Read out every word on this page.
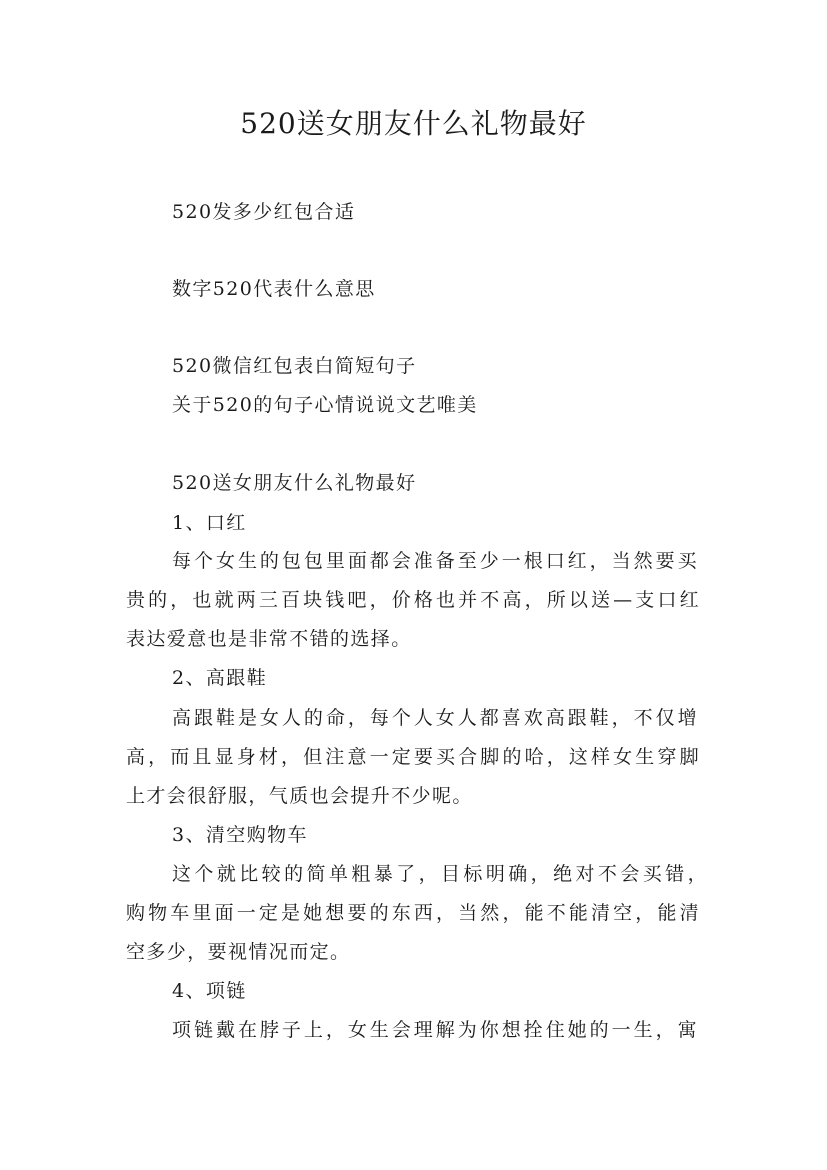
520送女朋友什么礼物最好
520发多少红包合适
数字520代表什么意思
520微信红包表白简短句子
关于520的句子心情说说文艺唯美
520送女朋友什么礼物最好
1、口红
每个女生的包包里面都会准备至少一根口红，当然要买
贵的，也就两三百块钱吧，价格也并不高，所以送—支口红
表达爱意也是非常不错的选择。
2、高跟鞋
高跟鞋是女人的命，每个人女人都喜欢高跟鞋，不仅增
高，而且显身材，但注意一定要买合脚的哈，这样女生穿脚
上才会很舒服，气质也会提升不少呢。
3、清空购物车
这个就比较的简单粗暴了，目标明确，绝对不会买错，
购物车里面一定是她想要的东西，当然，能不能清空，能清
空多少，要视情况而定。
4、项链
项链戴在脖子上，女生会理解为你想拴住她的一生，寓
